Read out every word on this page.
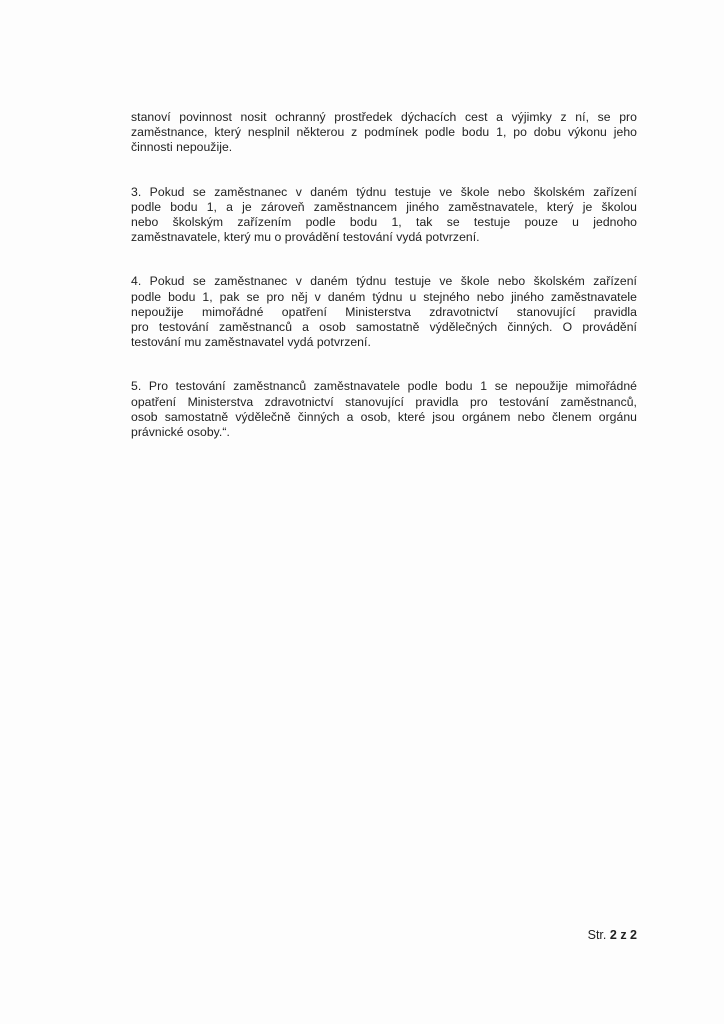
stanoví povinnost nosit ochranný prostředek dýchacích cest a výjimky z ní, se pro
zaměstnance, který nesplnil některou z podmínek podle bodu 1, po dobu výkonu jeho
činnosti nepoužije.

3. Pokud se zaměstnanec v daném týdnu testuje ve škole nebo školském zařízení
podle bodu 1, a je zároveň zaměstnancem jiného zaměstnavatele, který je školou
nebo školským zařízením podle bodu 1, tak se testuje pouze u jednoho
zaměstnavatele, který mu o provádění testování vydá potvrzení.

4. Pokud se zaměstnanec v daném týdnu testuje ve škole nebo školském zařízení
podle bodu 1, pak se pro něj v daném týdnu u stejného nebo jiného zaměstnavatele
nepoužije mimořádné opatření Ministerstva zdravotnictví stanovující pravidla
pro testování zaměstnanců a osob samostatně výdělečných činných. O provádění
testování mu zaměstnavatel vydá potvrzení.

5. Pro testování zaměstnanců zaměstnavatele podle bodu 1 se nepoužije mimořádné
opatření Ministerstva zdravotnictví stanovující pravidla pro testování zaměstnanců,
osob samostatně výdělečně činných a osob, které jsou orgánem nebo členem orgánu
právnické osoby.“.

Str. 2 z 2
